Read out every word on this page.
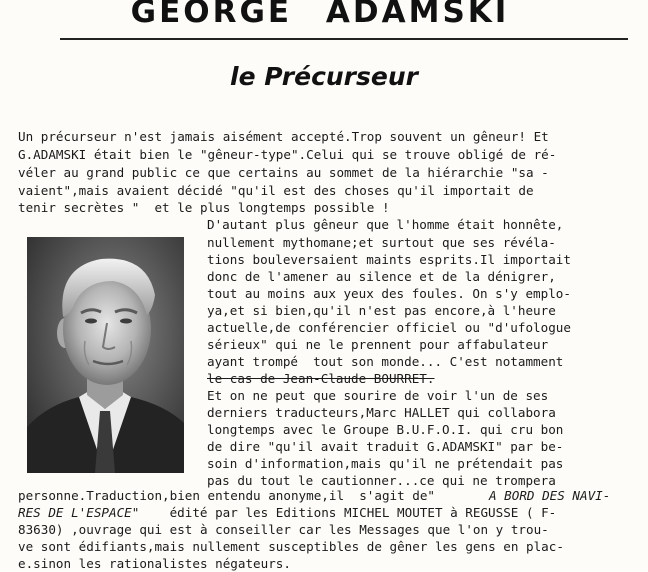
GEORGE ADAMSKI
le Précurseur
Un précurseur n'est jamais aisément accepté.Trop souvent un gêneur! Et
G.ADAMSKI était bien le "gêneur-type".Celui qui se trouve obligé de ré-
véler au grand public ce que certains au sommet de la hiérarchie "sa -
vaient",mais avaient décidé "qu'il est des choses qu'il importait de
tenir secrètes "  et le plus longtemps possible !
D'autant plus gêneur que l'homme était honnête,
nullement mythomane;et surtout que ses révéla-
tions bouleversaient maints esprits.Il importait
donc de l'amener au silence et de la dénigrer,
tout au moins aux yeux des foules. On s'y emplo-
ya,et si bien,qu'il n'est pas encore,à l'heure
actuelle,de conférencier officiel ou "d'ufologue
sérieux" qui ne le prennent pour affabulateur
ayant trompé  tout son monde... C'est notamment
le cas de Jean-Claude BOURRET.
Et on ne peut que sourire de voir l'un de ses
derniers traducteurs,Marc HALLET qui collabora
longtemps avec le Groupe B.U.F.O.I. qui cru bon
de dire "qu'il avait traduit G.ADAMSKI" par be-
soin d'information,mais qu'il ne prétendait pas
pas du tout le cautionner...ce qui ne trompera
personne.Traduction,bien entendu anonyme,il  s'agit de"	A BORD DES NAVI-
RES DE L'ESPACE" édité par les Editions MICHEL MOUTET à REGUSSE ( F-
83630) ,ouvrage qui est à conseiller car les Messages que l'on y trou-
ve sont édifiants,mais nullement susceptibles de gêner les gens en plac-
e.sinon les rationalistes négateurs.
